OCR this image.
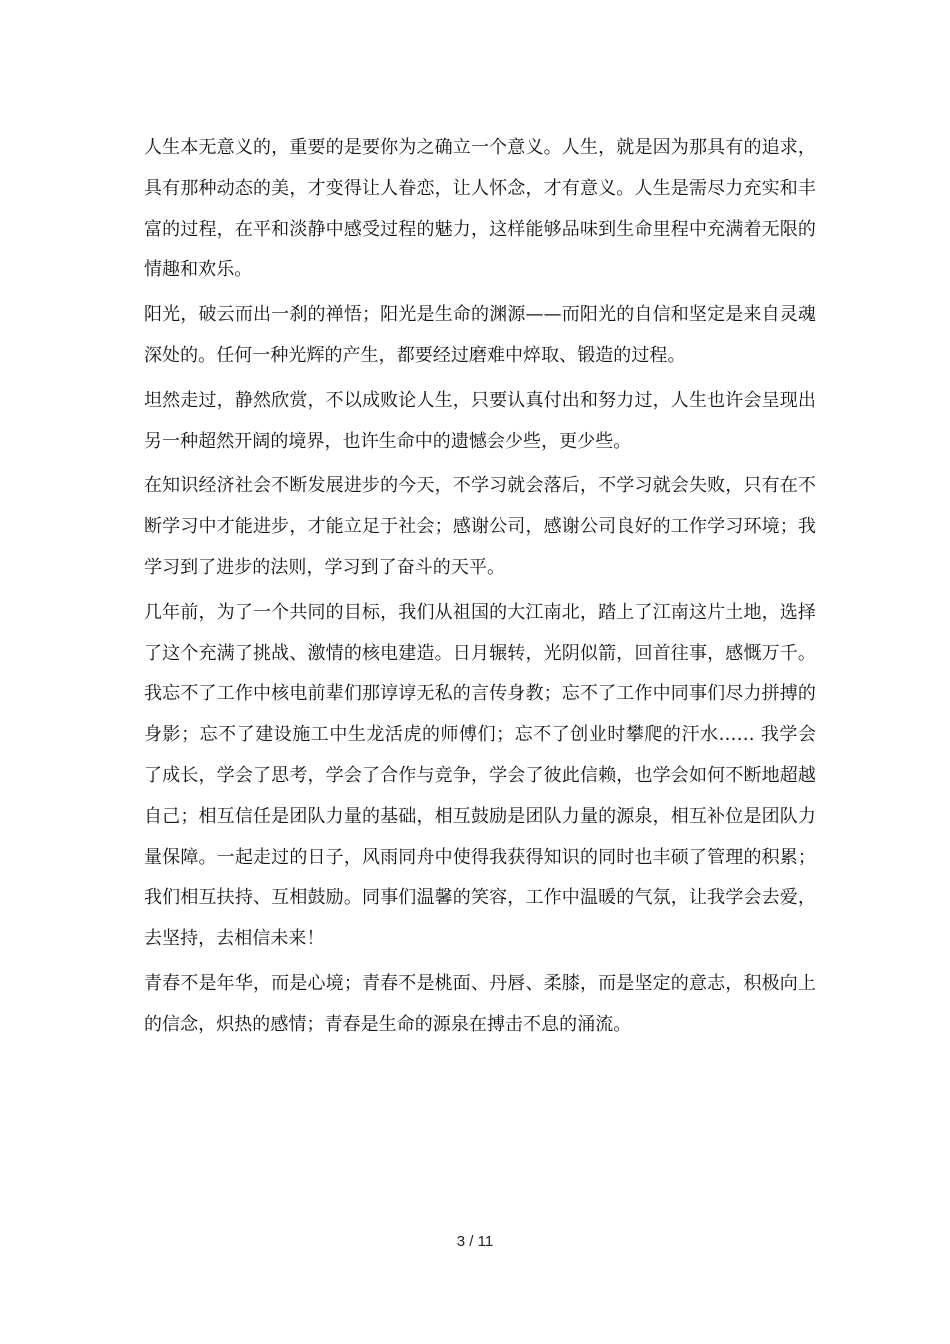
人生本无意义的，重要的是要你为之确立一个意义。人生，就是因为那具有的追求，具有那种动态的美，才变得让人眷恋，让人怀念，才有意义。人生是需尽力充实和丰富的过程，在平和淡静中感受过程的魅力，这样能够品味到生命里程中充满着无限的情趣和欢乐。

阳光，破云而出一刹的禅悟；阳光是生命的渊源——而阳光的自信和坚定是来自灵魂深处的。任何一种光辉的产生，都要经过磨难中焠取、锻造的过程。

坦然走过，静然欣赏，不以成败论人生，只要认真付出和努力过，人生也许会呈现出另一种超然开阔的境界，也许生命中的遗憾会少些，更少些。

在知识经济社会不断发展进步的今天，不学习就会落后，不学习就会失败，只有在不断学习中才能进步，才能立足于社会；感谢公司，感谢公司良好的工作学习环境；我学习到了进步的法则，学习到了奋斗的天平。

几年前，为了一个共同的目标，我们从祖国的大江南北，踏上了江南这片土地，选择了这个充满了挑战、激情的核电建造。日月辗转，光阴似箭，回首往事，感慨万千。我忘不了工作中核电前辈们那谆谆无私的言传身教；忘不了工作中同事们尽力拼搏的身影；忘不了建设施工中生龙活虎的师傅们；忘不了创业时攀爬的汗水…… 我学会了成长，学会了思考，学会了合作与竞争，学会了彼此信赖，也学会如何不断地超越自己；相互信任是团队力量的基础，相互鼓励是团队力量的源泉，相互补位是团队力量保障。一起走过的日子，风雨同舟中使得我获得知识的同时也丰硕了管理的积累；我们相互扶持、互相鼓励。同事们温馨的笑容，工作中温暖的气氛，让我学会去爱，去坚持，去相信未来！

青春不是年华，而是心境；青春不是桃面、丹唇、柔膝，而是坚定的意志，积极向上的信念，炽热的感情；青春是生命的源泉在搏击不息的涌流。

3 / 11
